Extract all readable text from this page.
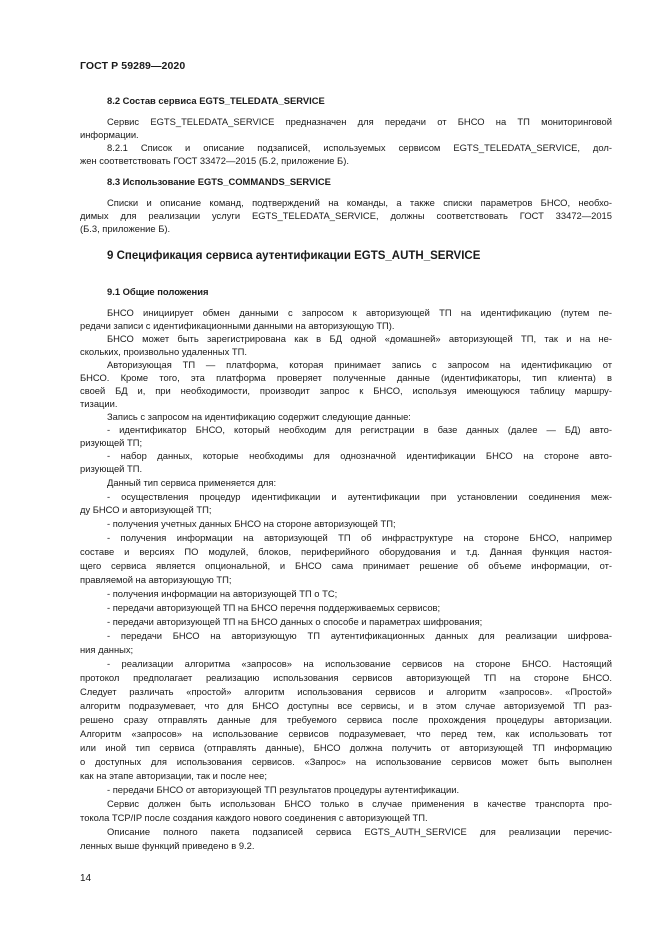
ГОСТ Р 59289—2020
8.2 Состав сервиса EGTS_TELEDATA_SERVICE
Сервис EGTS_TELEDATA_SERVICE предназначен для передачи от БНСО на ТП мониторинговой
информации.
8.2.1 Список и описание подзаписей, используемых сервисом EGTS_TELEDATA_SERVICE, дол-
жен соответствовать ГОСТ 33472—2015 (Б.2, приложение Б).
8.3 Использование EGTS_COMMANDS_SERVICE
Списки и описание команд, подтверждений на команды, а также списки параметров БНСО, необхо-
димых для реализации услуги EGTS_TELEDATA_SERVICE, должны соответствовать ГОСТ 33472—2015
(Б.3, приложение Б).
9 Спецификация сервиса аутентификации EGTS_AUTH_SERVICE
9.1 Общие положения
БНСО инициирует обмен данными с запросом к авторизующей ТП на идентификацию (путем пе-
редачи записи с идентификационными данными на авторизующую ТП).
БНСО может быть зарегистрирована как в БД одной «домашней» авторизующей ТП, так и на не-
скольких, произвольно удаленных ТП.
Авторизующая ТП — платформа, которая принимает запись с запросом на идентификацию от
БНСО. Кроме того, эта платформа проверяет полученные данные (идентификаторы, тип клиента) в
своей БД и, при необходимости, производит запрос к БНСО, используя имеющуюся таблицу маршру-
тизации.
Запись с запросом на идентификацию содержит следующие данные:
- идентификатор БНСО, который необходим для регистрации в базе данных (далее — БД) авто-
ризующей ТП;
- набор данных, которые необходимы для однозначной идентификации БНСО на стороне авто-
ризующей ТП.
Данный тип сервиса применяется для:
- осуществления процедур идентификации и аутентификации при установлении соединения меж-
ду БНСО и авторизующей ТП;
- получения учетных данных БНСО на стороне авторизующей ТП;
- получения информации на авторизующей ТП об инфраструктуре на стороне БНСО, например
составе и версиях ПО модулей, блоков, периферийного оборудования и т.д. Данная функция настоя-
щего сервиса является опциональной, и БНСО сама принимает решение об объеме информации, от-
правляемой на авторизующую ТП;
- получения информации на авторизующей ТП о ТС;
- передачи авторизующей ТП на БНСО перечня поддерживаемых сервисов;
- передачи авторизующей ТП на БНСО данных о способе и параметрах шифрования;
- передачи БНСО на авторизующую ТП аутентификационных данных для реализации шифрова-
ния данных;
- реализации алгоритма «запросов» на использование сервисов на стороне БНСО. Настоящий
протокол предполагает реализацию использования сервисов авторизующей ТП на стороне БНСО.
Следует различать «простой» алгоритм использования сервисов и алгоритм «запросов». «Простой»
алгоритм подразумевает, что для БНСО доступны все сервисы, и в этом случае авторизуемой ТП раз-
решено сразу отправлять данные для требуемого сервиса после прохождения процедуры авторизации.
Алгоритм «запросов» на использование сервисов подразумевает, что перед тем, как использовать тот
или иной тип сервиса (отправлять данные), БНСО должна получить от авторизующей ТП информацию
о доступных для использования сервисов. «Запрос» на использование сервисов может быть выполнен
как на этапе авторизации, так и после нее;
- передачи БНСО от авторизующей ТП результатов процедуры аутентификации.
Сервис должен быть использован БНСО только в случае применения в качестве транспорта про-
токола TCP/IP после создания каждого нового соединения с авторизующей ТП.
Описание полного пакета подзаписей сервиса EGTS_AUTH_SERVICE для реализации перечис-
ленных выше функций приведено в 9.2.
14
